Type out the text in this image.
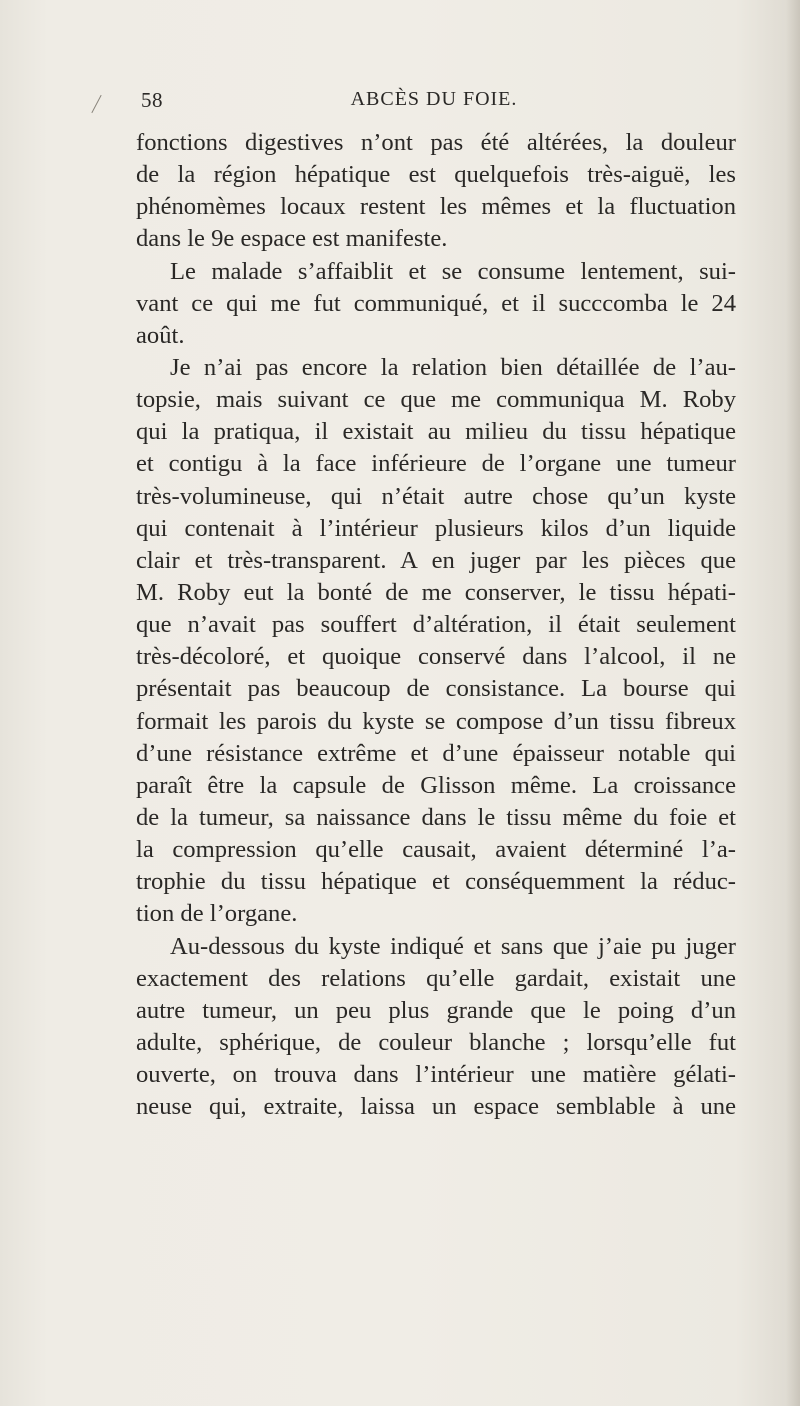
58	ABCÈS DU FOIE.
fonctions digestives n’ont pas été altérées, la douleur
de la région hépatique est quelquefois très-aiguë, les
phénomèmes locaux restent les mêmes et la fluctuation
dans le 9e espace est manifeste.
Le malade s’affaiblit et se consume lentement, sui-
vant ce qui me fut communiqué, et il succcomba le 24
août.
Je n’ai pas encore la relation bien détaillée de l’au-
topsie, mais suivant ce que me communiqua M. Roby
qui la pratiqua, il existait au milieu du tissu hépatique
et contigu à la face inférieure de l’organe une tumeur
très-volumineuse, qui n’était autre chose qu’un kyste
qui contenait à l’intérieur plusieurs kilos d’un liquide
clair et très-transparent. A en juger par les pièces que
M. Roby eut la bonté de me conserver, le tissu hépati-
que n’avait pas souffert d’altération, il était seulement
très-décoloré, et quoique conservé dans l’alcool, il ne
présentait pas beaucoup de consistance. La bourse qui
formait les parois du kyste se compose d’un tissu fibreux
d’une résistance extrême et d’une épaisseur notable qui
paraît être la capsule de Glisson même. La croissance
de la tumeur, sa naissance dans le tissu même du foie et
la compression qu’elle causait, avaient déterminé l’a-
trophie du tissu hépatique et conséquemment la réduc-
tion de l’organe.
Au-dessous du kyste indiqué et sans que j’aie pu juger
exactement des relations qu’elle gardait, existait une
autre tumeur, un peu plus grande que le poing d’un
adulte, sphérique, de couleur blanche ; lorsqu’elle fut
ouverte, on trouva dans l’intérieur une matière gélati-
neuse qui, extraite, laissa un espace semblable à une
